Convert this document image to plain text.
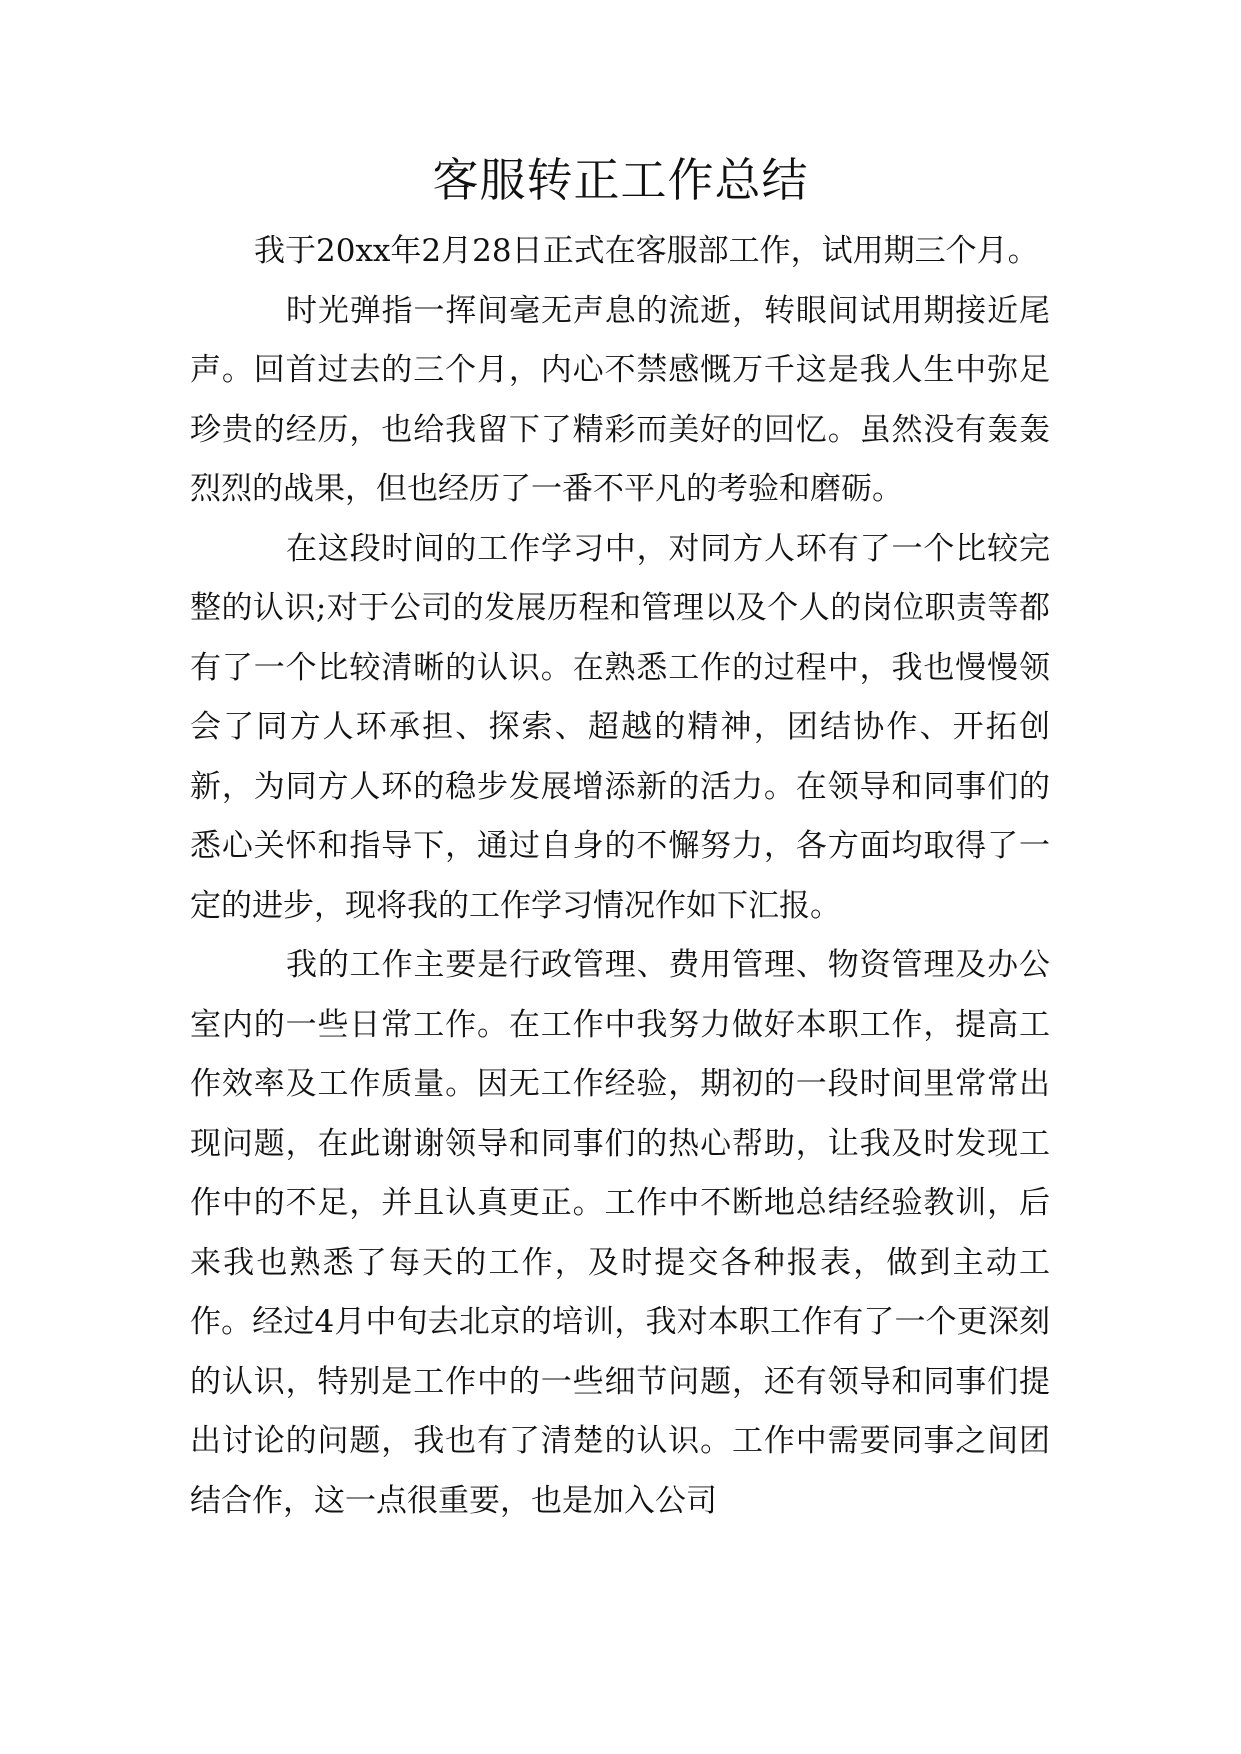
客服转正工作总结

我于20xx年2月28日正式在客服部工作，试用期三个月。

时光弹指一挥间毫无声息的流逝，转眼间试用期接近尾声。回首过去的三个月，内心不禁感慨万千这是我人生中弥足珍贵的经历，也给我留下了精彩而美好的回忆。虽然没有轰轰烈烈的战果，但也经历了一番不平凡的考验和磨砺。

在这段时间的工作学习中，对同方人环有了一个比较完整的认识;对于公司的发展历程和管理以及个人的岗位职责等都有了一个比较清晰的认识。在熟悉工作的过程中，我也慢慢领会了同方人环承担、探索、超越的精神，团结协作、开拓创新，为同方人环的稳步发展增添新的活力。在领导和同事们的悉心关怀和指导下，通过自身的不懈努力，各方面均取得了一定的进步，现将我的工作学习情况作如下汇报。

我的工作主要是行政管理、费用管理、物资管理及办公室内的一些日常工作。在工作中我努力做好本职工作，提高工作效率及工作质量。因无工作经验，期初的一段时间里常常出现问题，在此谢谢领导和同事们的热心帮助，让我及时发现工作中的不足，并且认真更正。工作中不断地总结经验教训，后来我也熟悉了每天的工作，及时提交各种报表，做到主动工作。经过4月中旬去北京的培训，我对本职工作有了一个更深刻的认识，特别是工作中的一些细节问题，还有领导和同事们提出讨论的问题，我也有了清楚的认识。工作中需要同事之间团结合作，这一点很重要，也是加入公司
